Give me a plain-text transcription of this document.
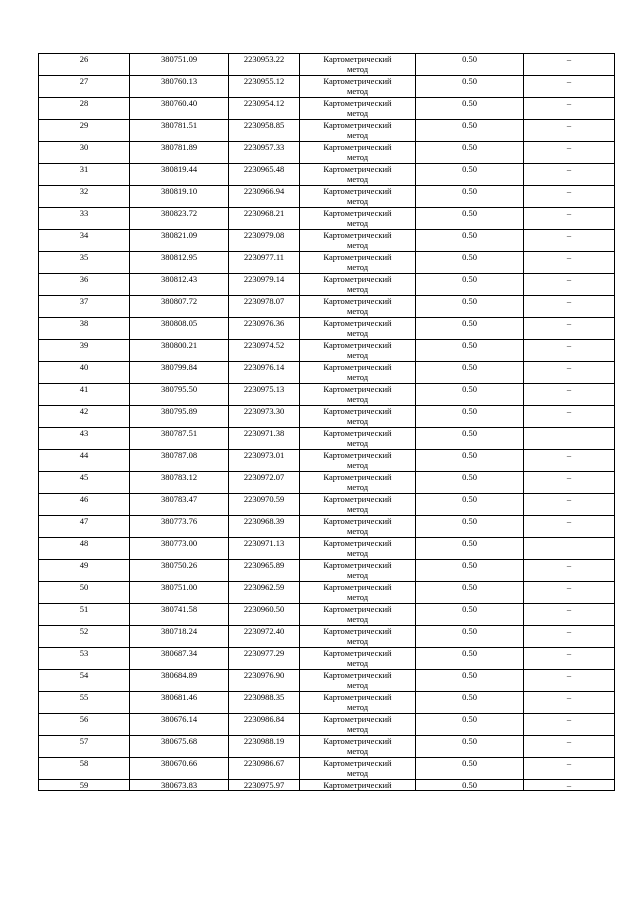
26	380751.09	2230953.22	Картометрический
метод	0.50	–
27	380760.13	2230955.12	Картометрический
метод	0.50	–
28	380760.40	2230954.12	Картометрический
метод	0.50	–
29	380781.51	2230958.85	Картометрический
метод	0.50	–
30	380781.89	2230957.33	Картометрический
метод	0.50	–
31	380819.44	2230965.48	Картометрический
метод	0.50	–
32	380819.10	2230966.94	Картометрический
метод	0.50	–
33	380823.72	2230968.21	Картометрический
метод	0.50	–
34	380821.09	2230979.08	Картометрический
метод	0.50	–
35	380812.95	2230977.11	Картометрический
метод	0.50	–
36	380812.43	2230979.14	Картометрический
метод	0.50	–
37	380807.72	2230978.07	Картометрический
метод	0.50	–
38	380808.05	2230976.36	Картометрический
метод	0.50	–
39	380800.21	2230974.52	Картометрический
метод	0.50	–
40	380799.84	2230976.14	Картометрический
метод	0.50	–
41	380795.50	2230975.13	Картометрический
метод	0.50	–
42	380795.89	2230973.30	Картометрический
метод	0.50	–
43	380787.51	2230971.38	Картометрический
метод	0.50	
44	380787.08	2230973.01	Картометрический
метод	0.50	–
45	380783.12	2230972.07	Картометрический
метод	0.50	–
46	380783.47	2230970.59	Картометрический
метод	0.50	–
47	380773.76	2230968.39	Картометрический
метод	0.50	–
48	380773.00	2230971.13	Картометрический
метод	0.50	
49	380750.26	2230965.89	Картометрический
метод	0.50	–
50	380751.00	2230962.59	Картометрический
метод	0.50	–
51	380741.58	2230960.50	Картометрический
метод	0.50	–
52	380718.24	2230972.40	Картометрический
метод	0.50	–
53	380687.34	2230977.29	Картометрический
метод	0.50	–
54	380684.89	2230976.90	Картометрический
метод	0.50	–
55	380681.46	2230988.35	Картометрический
метод	0.50	–
56	380676.14	2230986.84	Картометрический
метод	0.50	–
57	380675.68	2230988.19	Картометрический
метод	0.50	–
58	380670.66	2230986.67	Картометрический
метод	0.50	–
59	380673.83	2230975.97	Картометрический	0.50	–
